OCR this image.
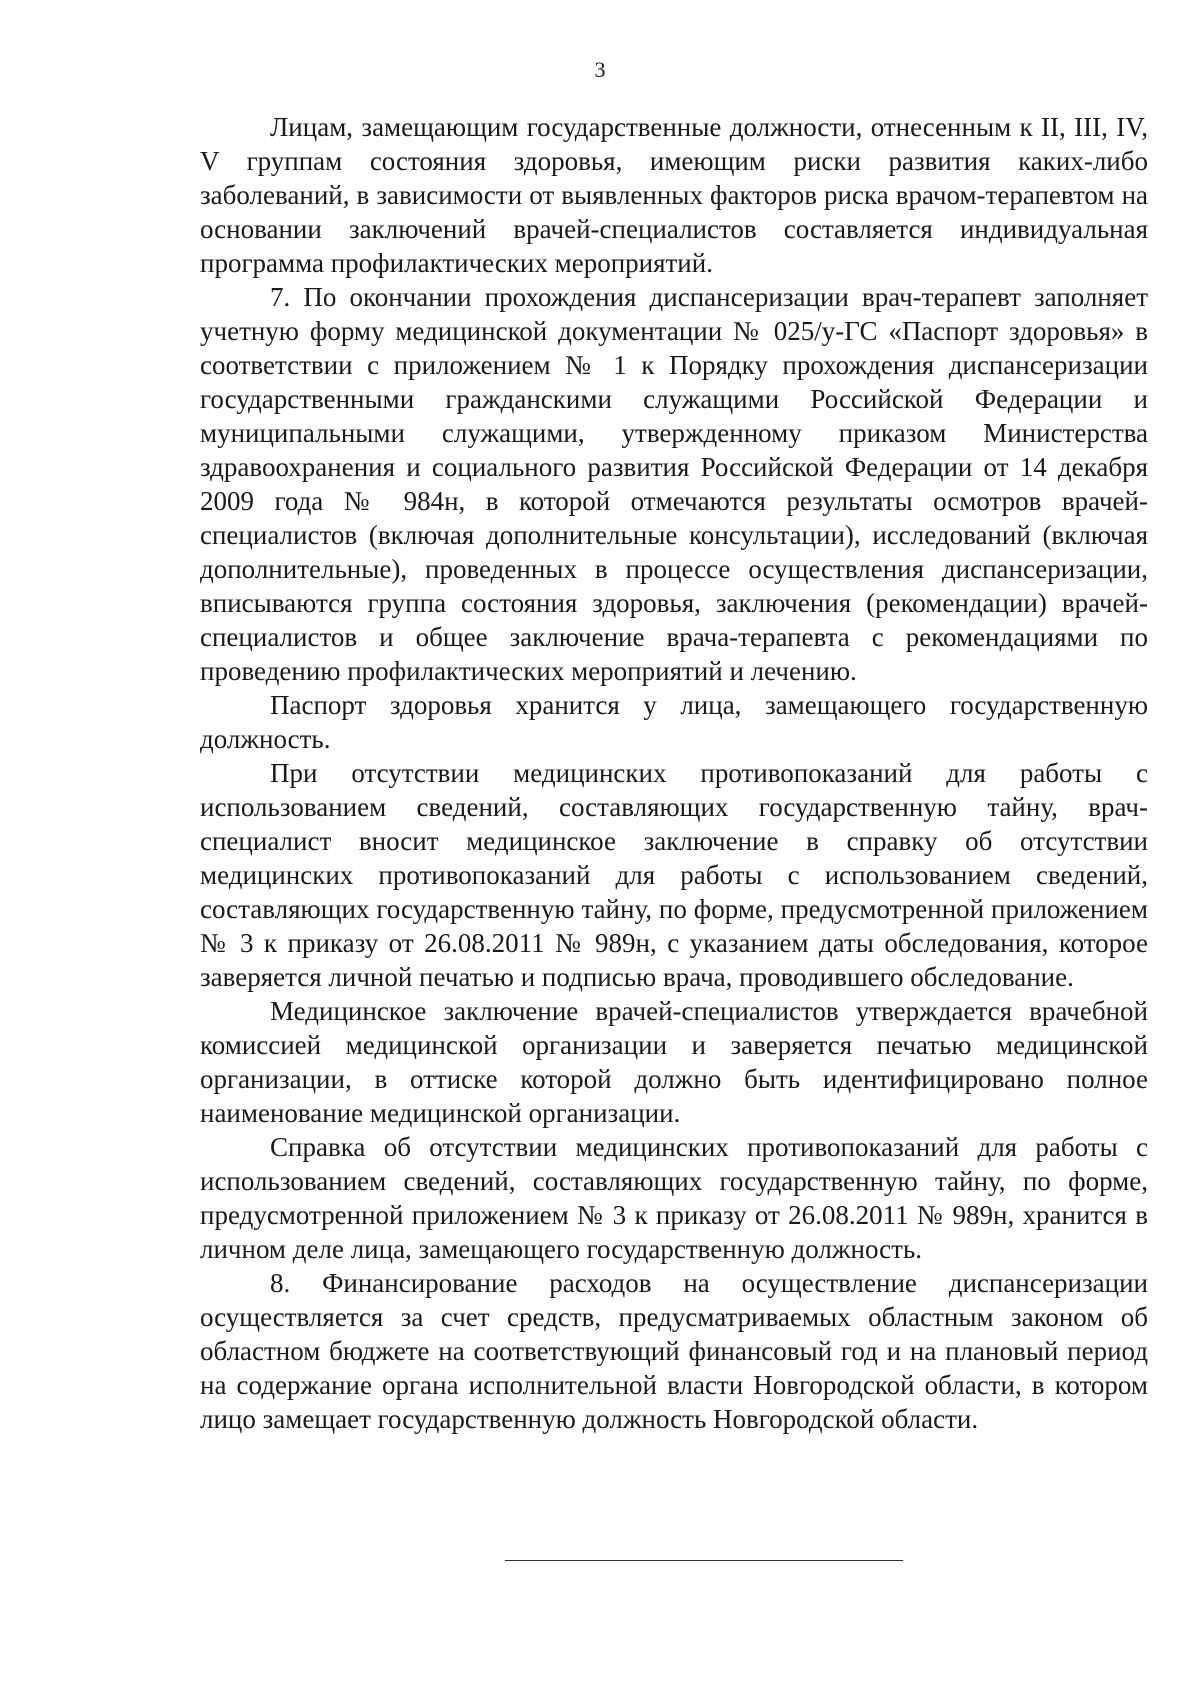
3

Лицам, замещающим государственные должности, отнесенным к II, III, IV, V группам состояния здоровья, имеющим риски развития каких-либо заболеваний, в зависимости от выявленных факторов риска врачом-терапевтом на основании заключений врачей-специалистов составляется индивидуальная программа профилактических мероприятий.

7. По окончании прохождения диспансеризации врач-терапевт заполняет учетную форму медицинской документации № 025/у-ГС «Паспорт здоровья» в соответствии с приложением № 1 к Порядку прохождения диспансеризации государственными гражданскими служащими Российской Федерации и муниципальными служащими, утвержденному приказом Министерства здравоохранения и социального развития Российской Федерации от 14 декабря 2009 года № 984н, в которой отмечаются результаты осмотров врачей-специалистов (включая дополнительные консультации), исследований (включая дополнительные), проведенных в процессе осуществления диспансеризации, вписываются группа состояния здоровья, заключения (рекомендации) врачей-специалистов и общее заключение врача-терапевта с рекомендациями по проведению профилактических мероприятий и лечению.

Паспорт здоровья хранится у лица, замещающего государственную должность.

При отсутствии медицинских противопоказаний для работы с использованием сведений, составляющих государственную тайну, врач-специалист вносит медицинское заключение в справку об отсутствии медицинских противопоказаний для работы с использованием сведений, составляющих государственную тайну, по форме, предусмотренной приложением № 3 к приказу от 26.08.2011 № 989н, с указанием даты обследования, которое заверяется личной печатью и подписью врача, проводившего обследование.

Медицинское заключение врачей-специалистов утверждается врачебной комиссией медицинской организации и заверяется печатью медицинской организации, в оттиске которой должно быть идентифицировано полное наименование медицинской организации.

Справка об отсутствии медицинских противопоказаний для работы с использованием сведений, составляющих государственную тайну, по форме, предусмотренной приложением № 3 к приказу от 26.08.2011 № 989н, хранится в личном деле лица, замещающего государственную должность.

8. Финансирование расходов на осуществление диспансеризации осуществляется за счет средств, предусматриваемых областным законом об областном бюджете на соответствующий финансовый год и на плановый период на содержание органа исполнительной власти Новгородской области, в котором лицо замещает государственную должность Новгородской области.
